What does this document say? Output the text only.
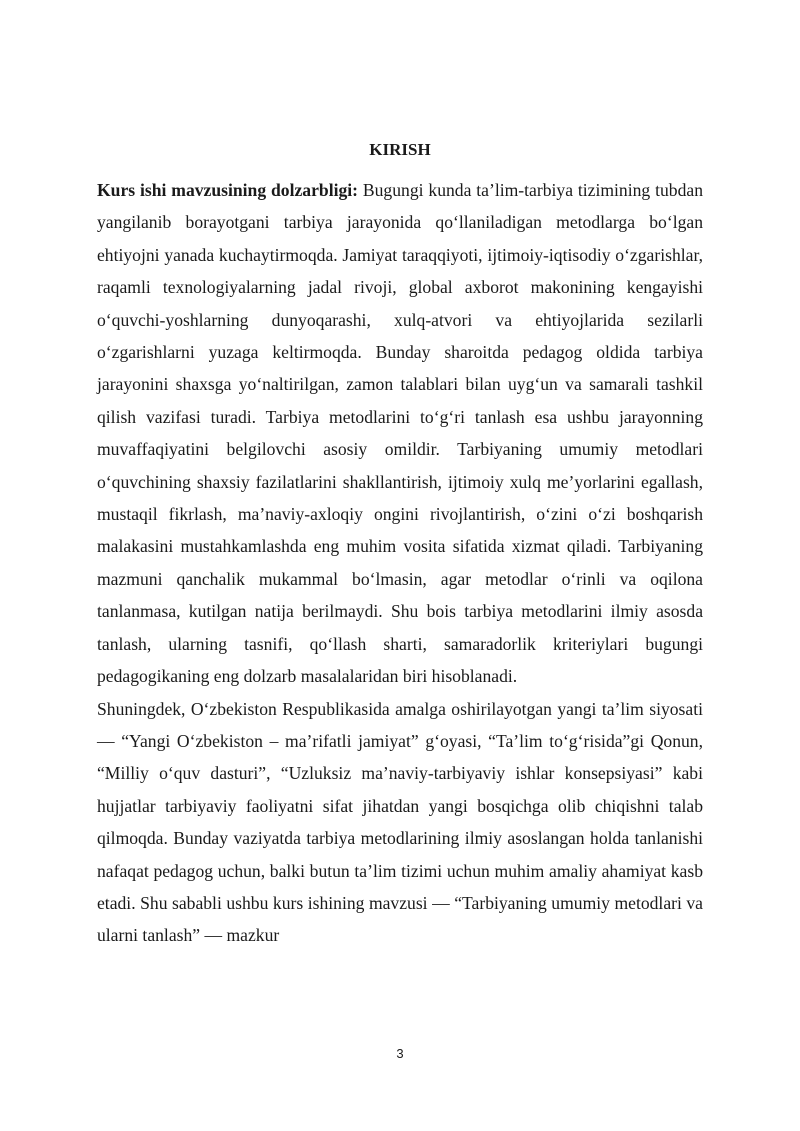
KIRISH

Kurs ishi mavzusining dolzarbligi: Bugungi kunda ta’lim-tarbiya tizimining tubdan yangilanib borayotgani tarbiya jarayonida qo‘llaniladigan metodlarga bo‘lgan ehtiyojni yanada kuchaytirmoqda. Jamiyat taraqqiyoti, ijtimoiy-iqtisodiy o‘zgarishlar, raqamli texnologiyalarning jadal rivoji, global axborot makonining kengayishi o‘quvchi-yoshlarning dunyoqarashi, xulq-atvori va ehtiyojlarida sezilarli o‘zgarishlarni yuzaga keltirmoqda. Bunday sharoitda pedagog oldida tarbiya jarayonini shaxsga yo‘naltirilgan, zamon talablari bilan uyg‘un va samarali tashkil qilish vazifasi turadi. Tarbiya metodlarini to‘g‘ri tanlash esa ushbu jarayonning muvaffaqiyatini belgilovchi asosiy omildir. Tarbiyaning umumiy metodlari o‘quvchining shaxsiy fazilatlarini shakllantirish, ijtimoiy xulq me’yorlarini egallash, mustaqil fikrlash, ma’naviy-axloqiy ongini rivojlantirish, o‘zini o‘zi boshqarish malakasini mustahkamlashda eng muhim vosita sifatida xizmat qiladi. Tarbiyaning mazmuni qanchalik mukammal bo‘lmasin, agar metodlar o‘rinli va oqilona tanlanmasa, kutilgan natija berilmaydi. Shu bois tarbiya metodlarini ilmiy asosda tanlash, ularning tasnifi, qo‘llash sharti, samaradorlik kriteriylari bugungi pedagogikaning eng dolzarb masalalaridan biri hisoblanadi.

Shuningdek, O‘zbekiston Respublikasida amalga oshirilayotgan yangi ta’lim siyosati — “Yangi O‘zbekiston – ma’rifatli jamiyat” g‘oyasi, “Ta’lim to‘g‘risida”gi Qonun, “Milliy o‘quv dasturi”, “Uzluksiz ma’naviy-tarbiyaviy ishlar konsepsiyasi” kabi hujjatlar tarbiyaviy faoliyatni sifat jihatdan yangi bosqichga olib chiqishni talab qilmoqda. Bunday vaziyatda tarbiya metodlarining ilmiy asoslangan holda tanlanishi nafaqat pedagog uchun, balki butun ta’lim tizimi uchun muhim amaliy ahamiyat kasb etadi. Shu sababli ushbu kurs ishining mavzusi — “Tarbiyaning umumiy metodlari va ularni tanlash” — mazkur

3
